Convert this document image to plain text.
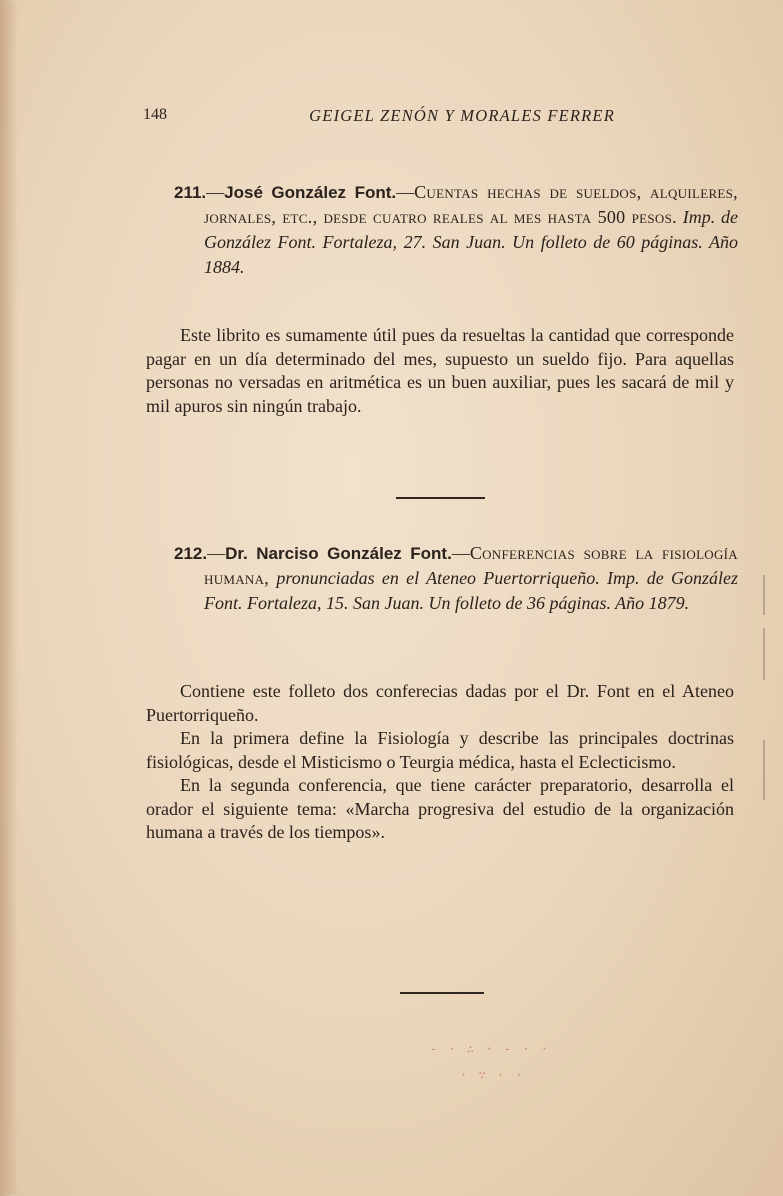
148	GEIGEL ZENÓN Y MORALES FERRER
211.—José González Font.—Cuentas hechas de sueldos, alquileres, jornales, etc., desde cuatro reales al mes hasta 500 pesos. Imp. de González Font. Fortaleza, 27. San Juan. Un folleto de 60 páginas. Año 1884.

Este librito es sumamente útil pues da resueltas la cantidad que corresponde pagar en un día determinado del mes, supuesto un sueldo fijo. Para aquellas personas no versadas en aritmética es un buen auxiliar, pues les sacará de mil y mil apuros sin ningún trabajo.

212.—Dr. Narciso González Font.—Conferencias sobre la fisiología humana, pronunciadas en el Ateneo Puertorriqueño. Imp. de González Font. Fortaleza, 15. San Juan. Un folleto de 36 páginas. Año 1879.

Contiene este folleto dos conferecias dadas por el Dr. Font en el Ateneo Puertorriqueño.

En la primera define la Fisiología y describe las principales doctrinas fisiológicas, desde el Misticismo o Teurgia médica, hasta el Eclecticismo.

En la segunda conferencia, que tiene carácter preparatorio, desarrolla el orador el siguiente tema: «Marcha progresiva del estudio de la organización humana a través de los tiempos».

- · ∴ · - · ·
· ∵ · ·
